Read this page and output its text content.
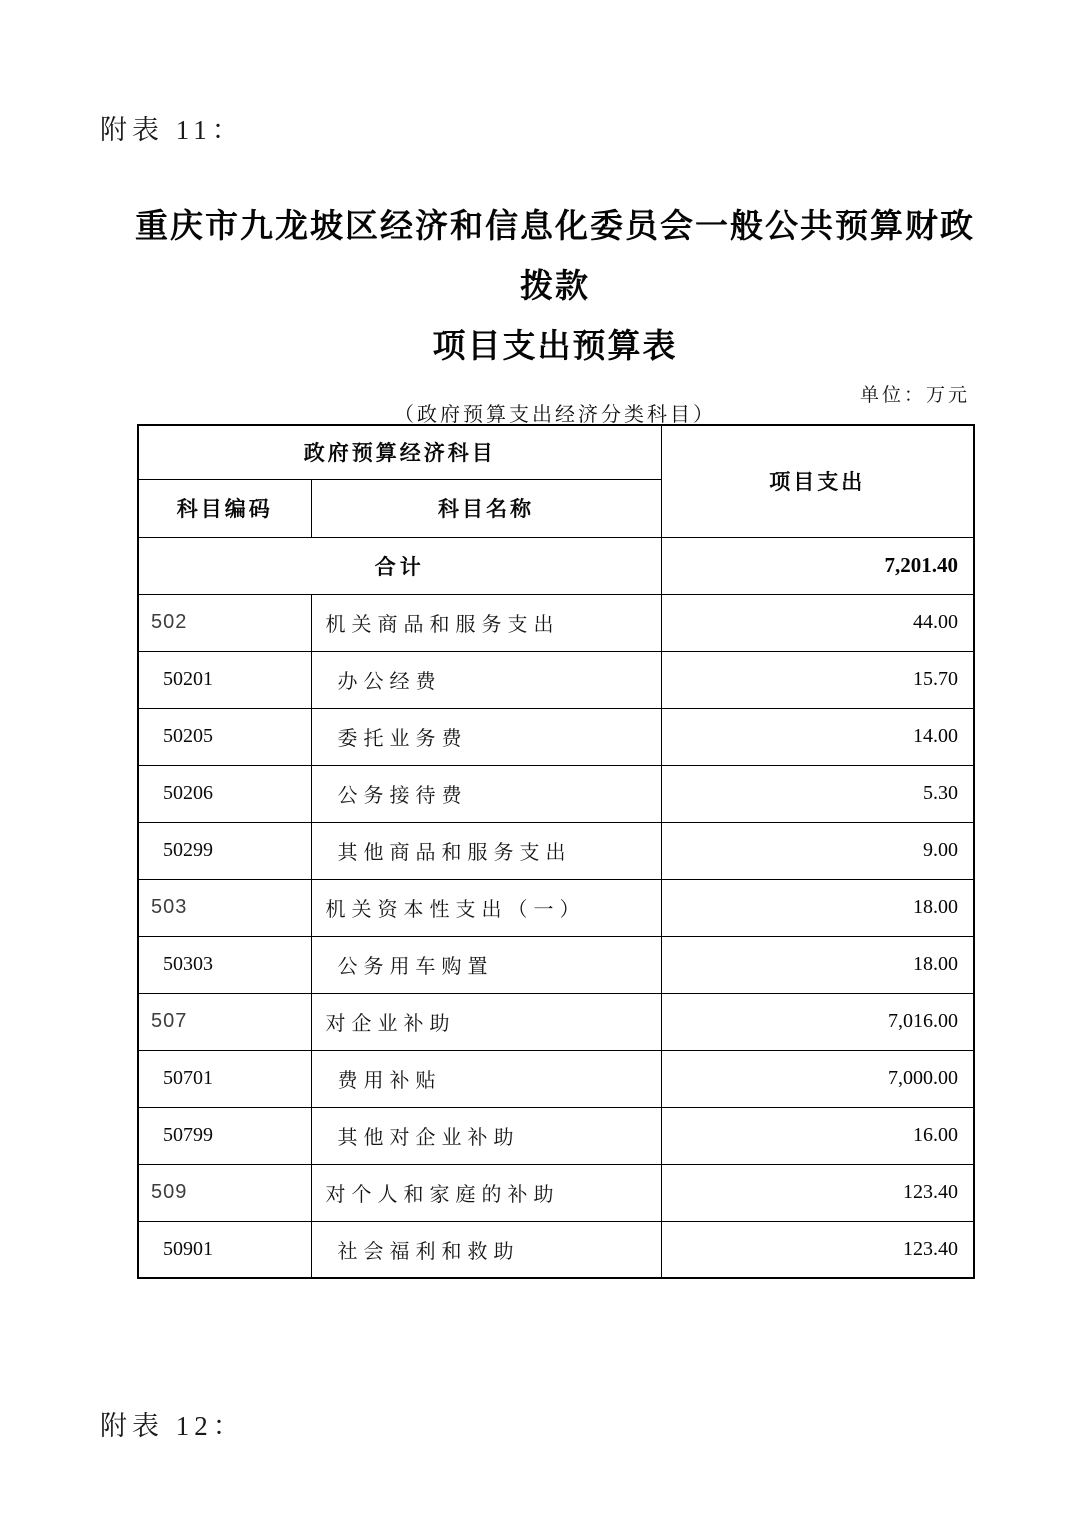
附表 11：
重庆市九龙坡区经济和信息化委员会一般公共预算财政拨款
项目支出预算表
（政府预算支出经济分类科目）
单位：万元
政府预算经济科目		项目支出
科目编码	科目名称	
合计		7,201.40
502	机关商品和服务支出	44.00
50201	办公经费	15.70
50205	委托业务费	14.00
50206	公务接待费	5.30
50299	其他商品和服务支出	9.00
503	机关资本性支出（一）	18.00
50303	公务用车购置	18.00
507	对企业补助	7,016.00
50701	费用补贴	7,000.00
50799	其他对企业补助	16.00
509	对个人和家庭的补助	123.40
50901	社会福利和救助	123.40
附表 12：
